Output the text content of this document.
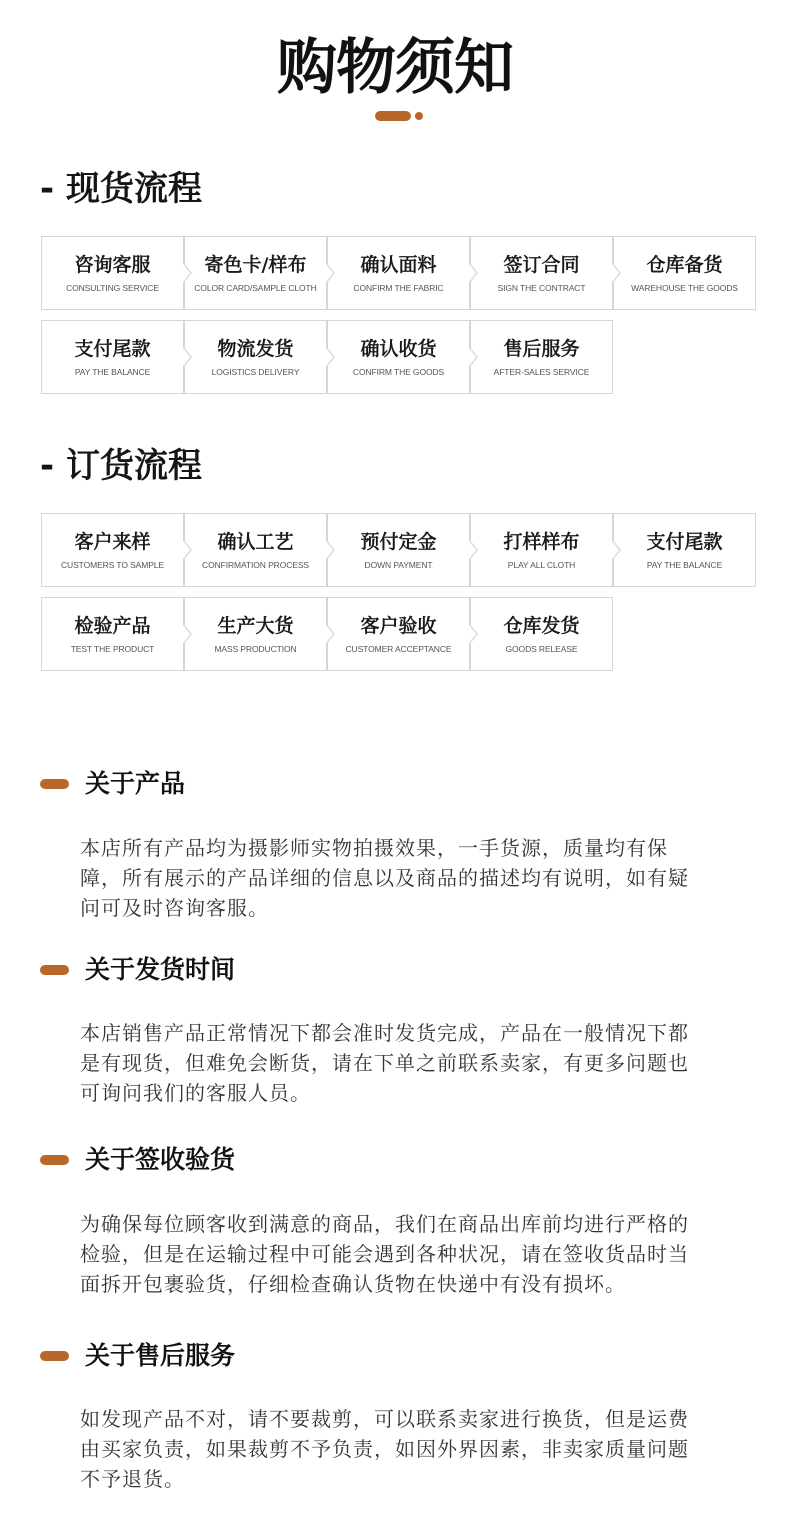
购物须知
- 现货流程
咨询客服
CONSULTING SERVICE
寄色卡/样布
COLOR CARD/SAMPLE CLOTH
确认面料
CONFIRM THE FABRIC
签订合同
SIGN THE CONTRACT
仓库备货
WAREHOUSE THE GOODS
支付尾款
PAY THE BALANCE
物流发货
LOGISTICS DELIVERY
确认收货
CONFIRM THE GOODS
售后服务
AFTER-SALES SERVICE
- 订货流程
客户来样
CUSTOMERS TO SAMPLE
确认工艺
CONFIRMATION PROCESS
预付定金
DOWN PAYMENT
打样样布
PLAY ALL CLOTH
支付尾款
PAY THE BALANCE
检验产品
TEST THE PRODUCT
生产大货
MASS PRODUCTION
客户验收
CUSTOMER ACCEPTANCE
仓库发货
GOODS RELEASE
关于产品
本店所有产品均为摄影师实物拍摄效果，一手货源，质量均有保
障，所有展示的产品详细的信息以及商品的描述均有说明，如有疑
问可及时咨询客服。
关于发货时间
本店销售产品正常情况下都会准时发货完成，产品在一般情况下都
是有现货，但难免会断货，请在下单之前联系卖家，有更多问题也
可询问我们的客服人员。
关于签收验货
为确保每位顾客收到满意的商品，我们在商品出库前均进行严格的
检验，但是在运输过程中可能会遇到各种状况，请在签收货品时当
面拆开包裹验货，仔细检查确认货物在快递中有没有损坏。
关于售后服务
如发现产品不对，请不要裁剪，可以联系卖家进行换货，但是运费
由买家负责，如果裁剪不予负责，如因外界因素，非卖家质量问题
不予退货。
